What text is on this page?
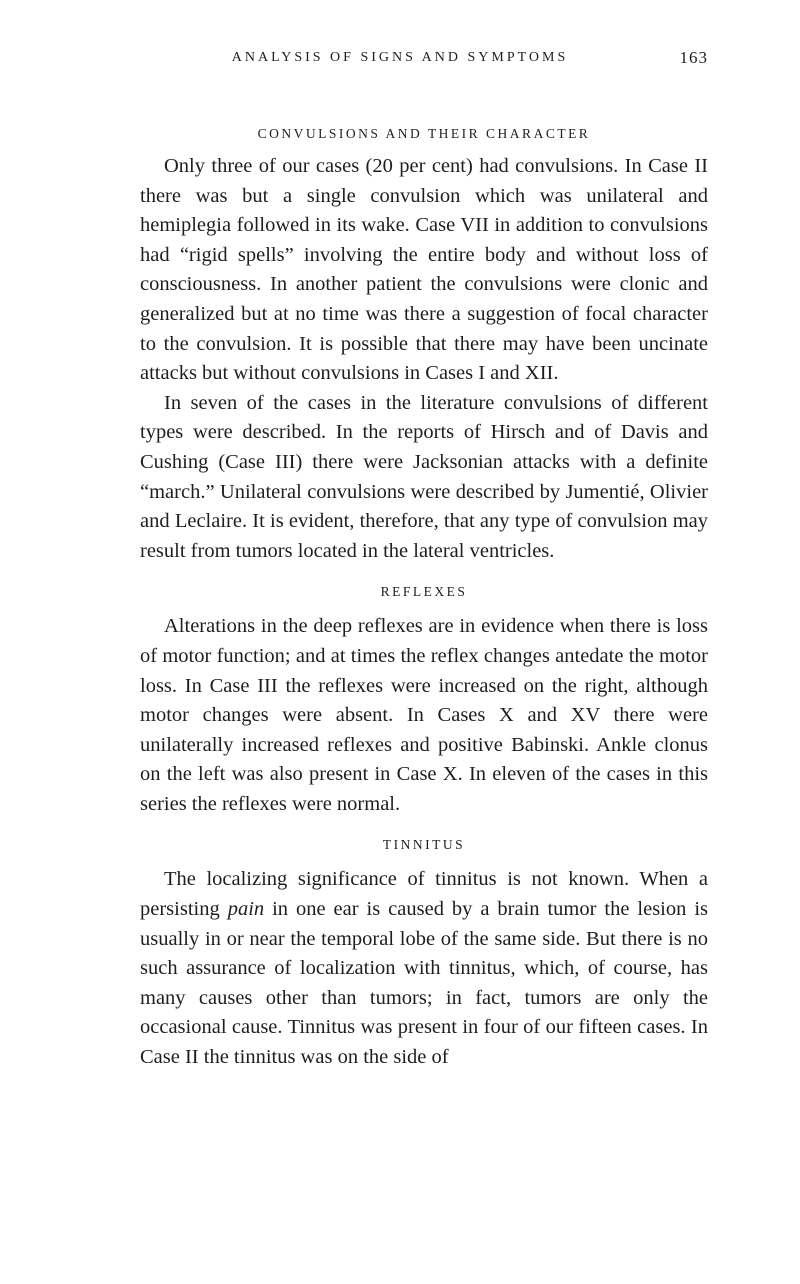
ANALYSIS OF SIGNS AND SYMPTOMS	163
CONVULSIONS AND THEIR CHARACTER

Only three of our cases (20 per cent) had convulsions. In Case II there was but a single convulsion which was unilateral and hemiplegia followed in its wake. Case VII in addition to convulsions had “rigid spells” involving the entire body and without loss of consciousness. In another patient the convulsions were clonic and generalized but at no time was there a suggestion of focal character to the convulsion. It is possible that there may have been uncinate attacks but without convulsions in Cases I and XII.

In seven of the cases in the literature convulsions of different types were described. In the reports of Hirsch and of Davis and Cushing (Case III) there were Jacksonian attacks with a definite “march.” Unilateral convulsions were described by Jumentié, Olivier and Leclaire. It is evident, therefore, that any type of convulsion may result from tumors located in the lateral ventricles.

REFLEXES

Alterations in the deep reflexes are in evidence when there is loss of motor function; and at times the reflex changes antedate the motor loss. In Case III the reflexes were increased on the right, although motor changes were absent. In Cases X and XV there were unilaterally increased reflexes and positive Babinski. Ankle clonus on the left was also present in Case X. In eleven of the cases in this series the reflexes were normal.

TINNITUS

The localizing significance of tinnitus is not known. When a persisting pain in one ear is caused by a brain tumor the lesion is usually in or near the temporal lobe of the same side. But there is no such assurance of localization with tinnitus, which, of course, has many causes other than tumors; in fact, tumors are only the occasional cause. Tinnitus was present in four of our fifteen cases. In Case II the tinnitus was on the side of
